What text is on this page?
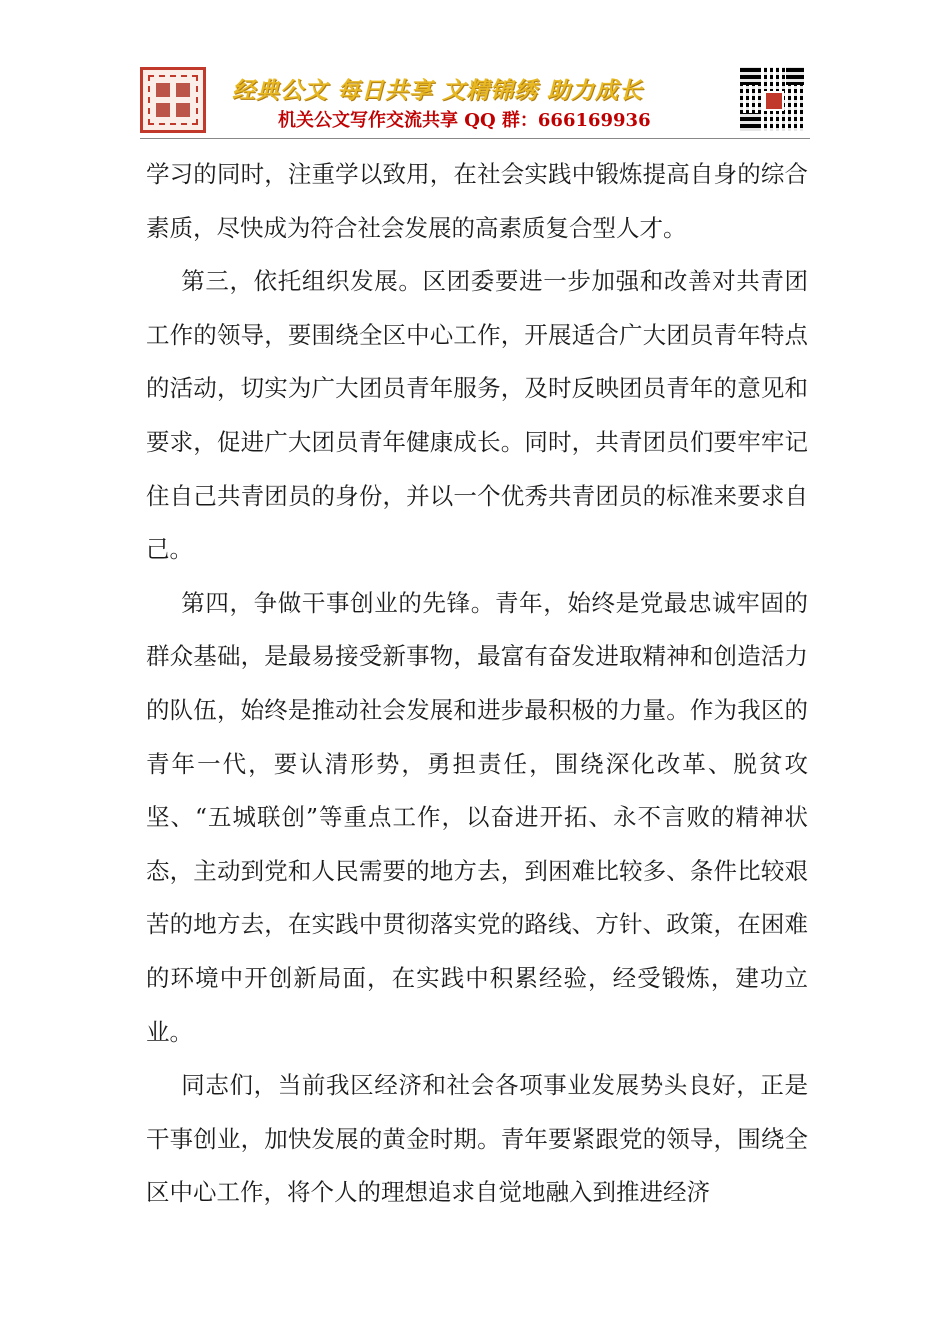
经典公文 每日共享 文精锦绣 助力成长
机关公文写作交流共享 QQ 群：666169936

学习的同时，注重学以致用，在社会实践中锻炼提高自身的综合素质，尽快成为符合社会发展的高素质复合型人才。

第三，依托组织发展。区团委要进一步加强和改善对共青团工作的领导，要围绕全区中心工作，开展适合广大团员青年特点的活动，切实为广大团员青年服务，及时反映团员青年的意见和要求，促进广大团员青年健康成长。同时，共青团员们要牢牢记住自己共青团员的身份，并以一个优秀共青团员的标准来要求自己。

第四，争做干事创业的先锋。青年，始终是党最忠诚牢固的群众基础，是最易接受新事物，最富有奋发进取精神和创造活力的队伍，始终是推动社会发展和进步最积极的力量。作为我区的青年一代，要认清形势，勇担责任，围绕深化改革、脱贫攻坚、“五城联创”等重点工作，以奋进开拓、永不言败的精神状态，主动到党和人民需要的地方去，到困难比较多、条件比较艰苦的地方去，在实践中贯彻落实党的路线、方针、政策，在困难的环境中开创新局面，在实践中积累经验，经受锻炼，建功立业。

同志们，当前我区经济和社会各项事业发展势头良好，正是干事创业，加快发展的黄金时期。青年要紧跟党的领导，围绕全区中心工作，将个人的理想追求自觉地融入到推进经济
